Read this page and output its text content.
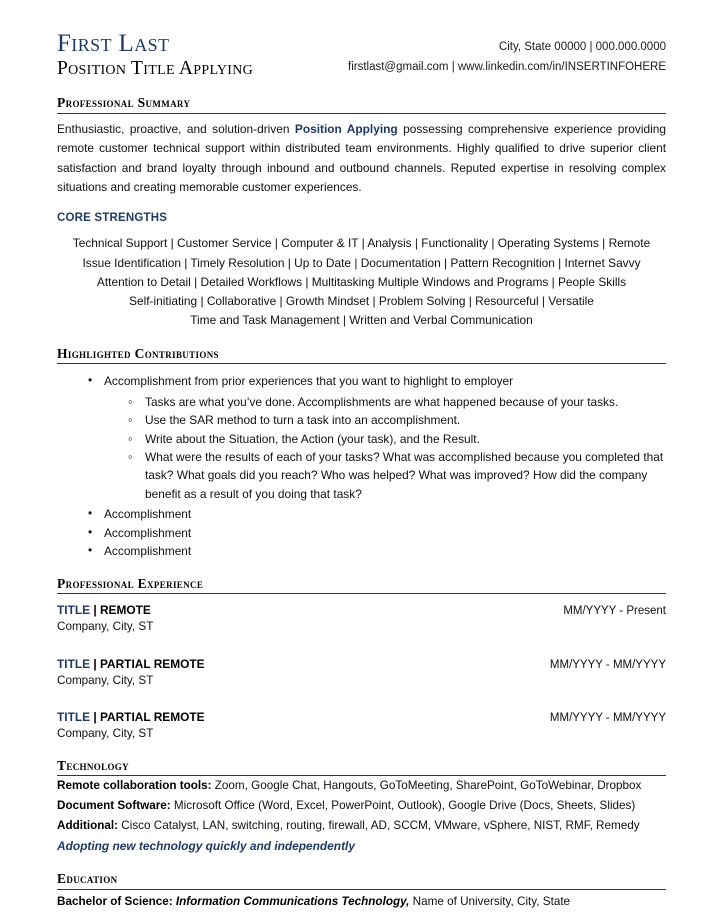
First Last
Position Title Applying
City, State 00000 | 000.000.0000
firstlast@gmail.com | www.linkedin.com/in/INSERTINFOHERE
Professional Summary

Enthusiastic, proactive, and solution-driven Position Applying possessing comprehensive experience providing remote customer technical support within distributed team environments. Highly qualified to drive superior client satisfaction and brand loyalty through inbound and outbound channels. Reputed expertise in resolving complex situations and creating memorable customer experiences.

CORE STRENGTHS
Technical Support | Customer Service | Computer & IT | Analysis | Functionality | Operating Systems | Remote
Issue Identification | Timely Resolution | Up to Date | Documentation | Pattern Recognition | Internet Savvy
Attention to Detail | Detailed Workflows | Multitasking Multiple Windows and Programs | People Skills
Self-initiating | Collaborative | Growth Mindset | Problem Solving | Resourceful | Versatile
Time and Task Management | Written and Verbal Communication
Highlighted Contributions
• Accomplishment from prior experiences that you want to highlight to employer
◦ Tasks are what you’ve done. Accomplishments are what happened because of your tasks.
◦ Use the SAR method to turn a task into an accomplishment.
◦ Write about the Situation, the Action (your task), and the Result.
◦ What were the results of each of your tasks? What was accomplished because you completed that task? What goals did you reach? Who was helped? What was improved? How did the company benefit as a result of you doing that task?
• Accomplishment
• Accomplishment
• Accomplishment
Professional Experience
TITLE | REMOTE	MM/YYYY - Present
Company, City, ST
TITLE | PARTIAL REMOTE	MM/YYYY - MM/YYYY
Company, City, ST
TITLE | PARTIAL REMOTE	MM/YYYY - MM/YYYY
Company, City, ST
Technology
Remote collaboration tools: Zoom, Google Chat, Hangouts, GoToMeeting, SharePoint, GoToWebinar, Dropbox
Document Software: Microsoft Office (Word, Excel, PowerPoint, Outlook), Google Drive (Docs, Sheets, Slides)
Additional: Cisco Catalyst, LAN, switching, routing, firewall, AD, SCCM, VMware, vSphere, NIST, RMF, Remedy
Adopting new technology quickly and independently
Education
Bachelor of Science: Information Communications Technology, Name of University, City, State
